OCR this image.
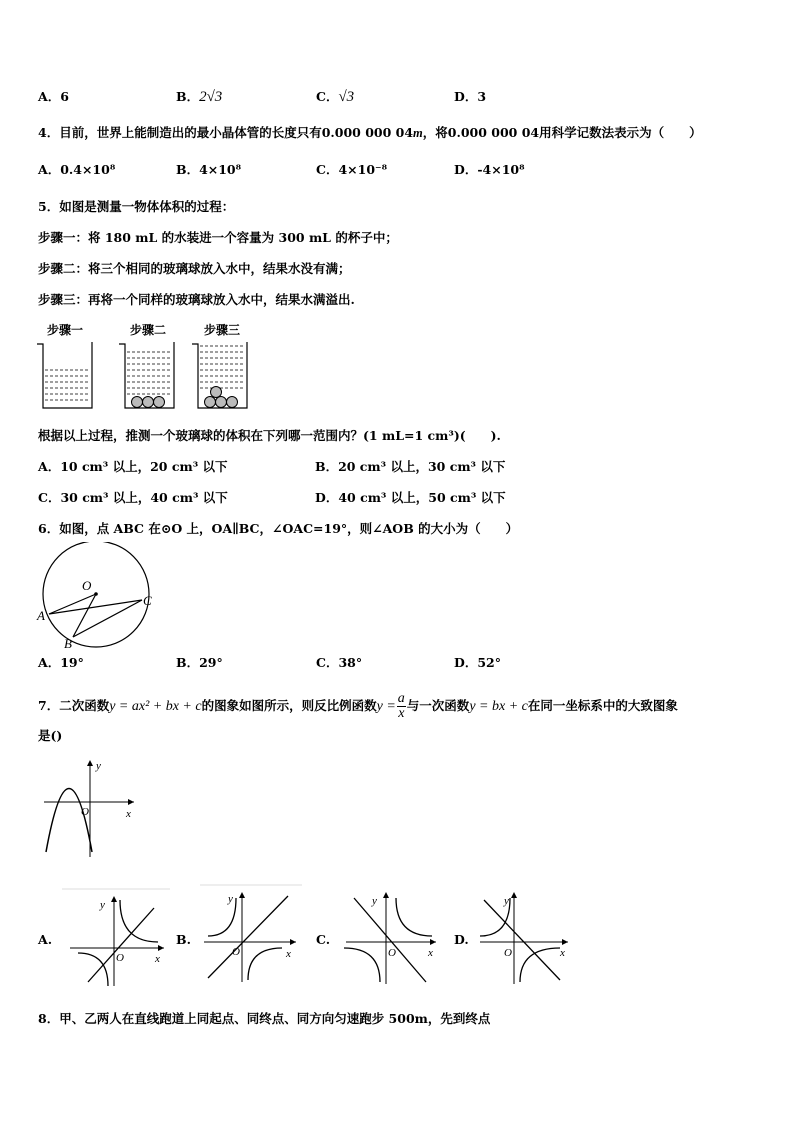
A．6	B．2√3	C．√3	D．3
4．目前，世界上能制造出的最小晶体管的长度只有0.000 000 04m，将0.000 000 04用科学记数法表示为（　　）
A．0.4×10⁸	B．4×10⁸	C．4×10⁻⁸	D．-4×10⁸
5．如图是测量一物体体积的过程：
步骤一：将 180 mL 的水装进一个容量为 300 mL 的杯子中；
步骤二：将三个相同的玻璃球放入水中，结果水没有满；
步骤三：再将一个同样的玻璃球放入水中，结果水满溢出.
步骤一	步骤二	步骤三
根据以上过程，推测一个玻璃球的体积在下列哪一范围内？(1 mL=1 cm³)(　　).
A．10 cm³ 以上，20 cm³ 以下	B．20 cm³ 以上，30 cm³ 以下
C．30 cm³ 以上，40 cm³ 以下	D．40 cm³ 以上，50 cm³ 以下
6．如图，点 ABC 在⊙O 上，OA∥BC，∠OAC=19°，则∠AOB 的大小为（　　）
O
A
C
B
A．19°	B．29°	C．38°	D．52°
7．二次函数y = ax² + bx + c的图象如图所示，则反比例函数$y = \frac{a}{x}$ 与一次函数y = bx + c在同一坐标系中的大致图象
是()
y
x
O
A.
y
x
O
B.
y
x
O
C.
y
x
O
D.
y
x
O
8．甲、乙两人在直线跑道上同起点、同终点、同方向匀速跑步 500m，先到终点
